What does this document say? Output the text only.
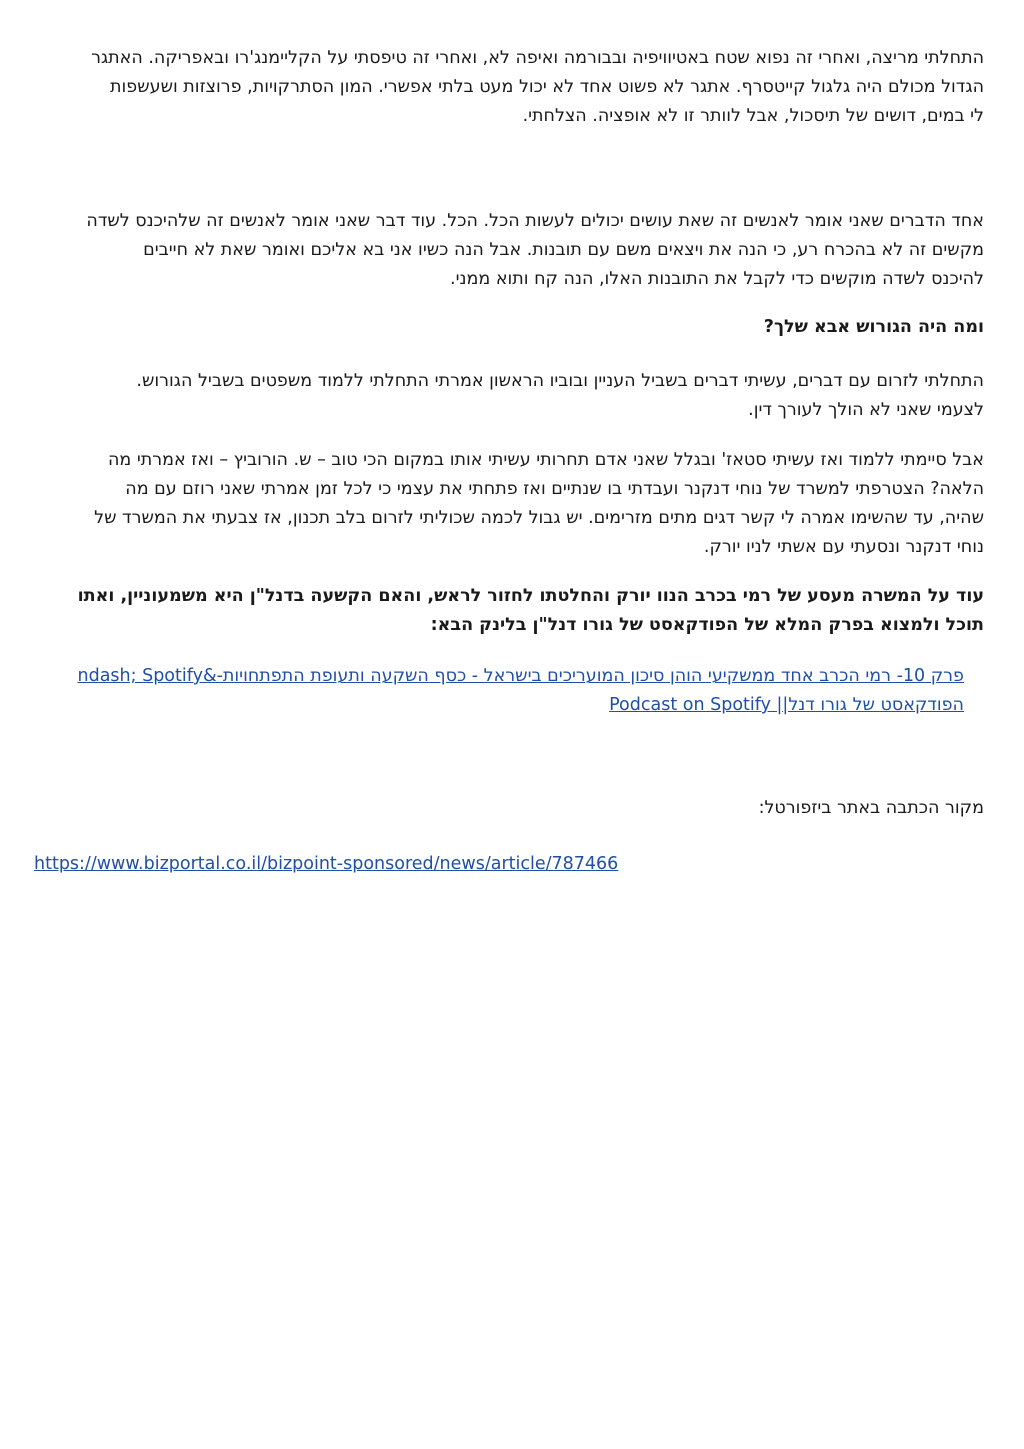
התחלתי מריצה, ואחרי זה נפוא שטח באטיוויפיה ובבורמה ואיפה לא, ואחרי זה טיפסתי על הקליימנג'רו ובאפריקה. האתגר
הגדול מכולם היה גלגול קייטסרף. אתגר לא פשוט אחד לא יכול מעט בלתי אפשרי. המון הסתרקויות, פרוצזות ושעשפות
לי במים, דושים של תיסכול, אבל לוותר זו לא אופציה. הצלחתי.

אחד הדברים שאני אומר לאנשים זה שאת עושים יכולים לעשות הכל. הכל. עוד דבר שאני אומר לאנשים זה שלהיכנס לשדה
מקשים זה לא בהכרח רע, כי הנה את ויצאים משם עם תובנות. אבל הנה כשיו אני בא אליכם ואומר שאת לא חייבים
להיכנס לשדה מוקשים כדי לקבל את התובנות האלו, הנה קח ותוא ממני.

ומה היה הגורוש אבא שלך?

התחלתי לזרום עם דברים, עשיתי דברים בשביל העניין ובוביו הראשון אמרתי התחלתי ללמוד משפטים בשביל הגורוש.
לצעמי שאני לא הולך לעורך דין.

אבל סיימתי ללמוד ואז עשיתי סטאז' ובגלל שאני אדם תחרותי עשיתי אותו במקום הכי טוב – ש. הורוביץ – ואז אמרתי מה
הלאה? הצטרפתי למשרד של נוחי דנקנר ועבדתי בו שנתיים ואז פתחתי את עצמי כי לכל זמן אמרתי שאני רוזם עם מה
שהיה, עד שהשימו אמרה לי קשר דגים מתים מזרימים. יש גבול לכמה שכוליתי לזרום בלב תכנון, אז צבעתי את המשרד של
נוחי דנקנר ונסעתי עם אשתי לניו יורק.

עוד על המשרה מעסע של רמי בכרב הנוו יורק והחלטתו לחזור לראש, והאם הקשעה בדנל"ן היא משמעוניין, ואתו
תוכל ולמצוא בפרק המלא של הפודקאסט של גורו דנל"ן בלינק הבא:

פרק 10- רמי הכרב אחד ממשקיעי הוהן סיכון המועריכים בישראל - כסף השקעה ותעופת התפתחויות-&ndash; Spotify
הפודקאסט של גורו דנל|| Podcast on Spotify

מקור הכתבה באתר ביזפורטל:

https://www.bizportal.co.il/bizpoint-sponsored/news/article/787466
